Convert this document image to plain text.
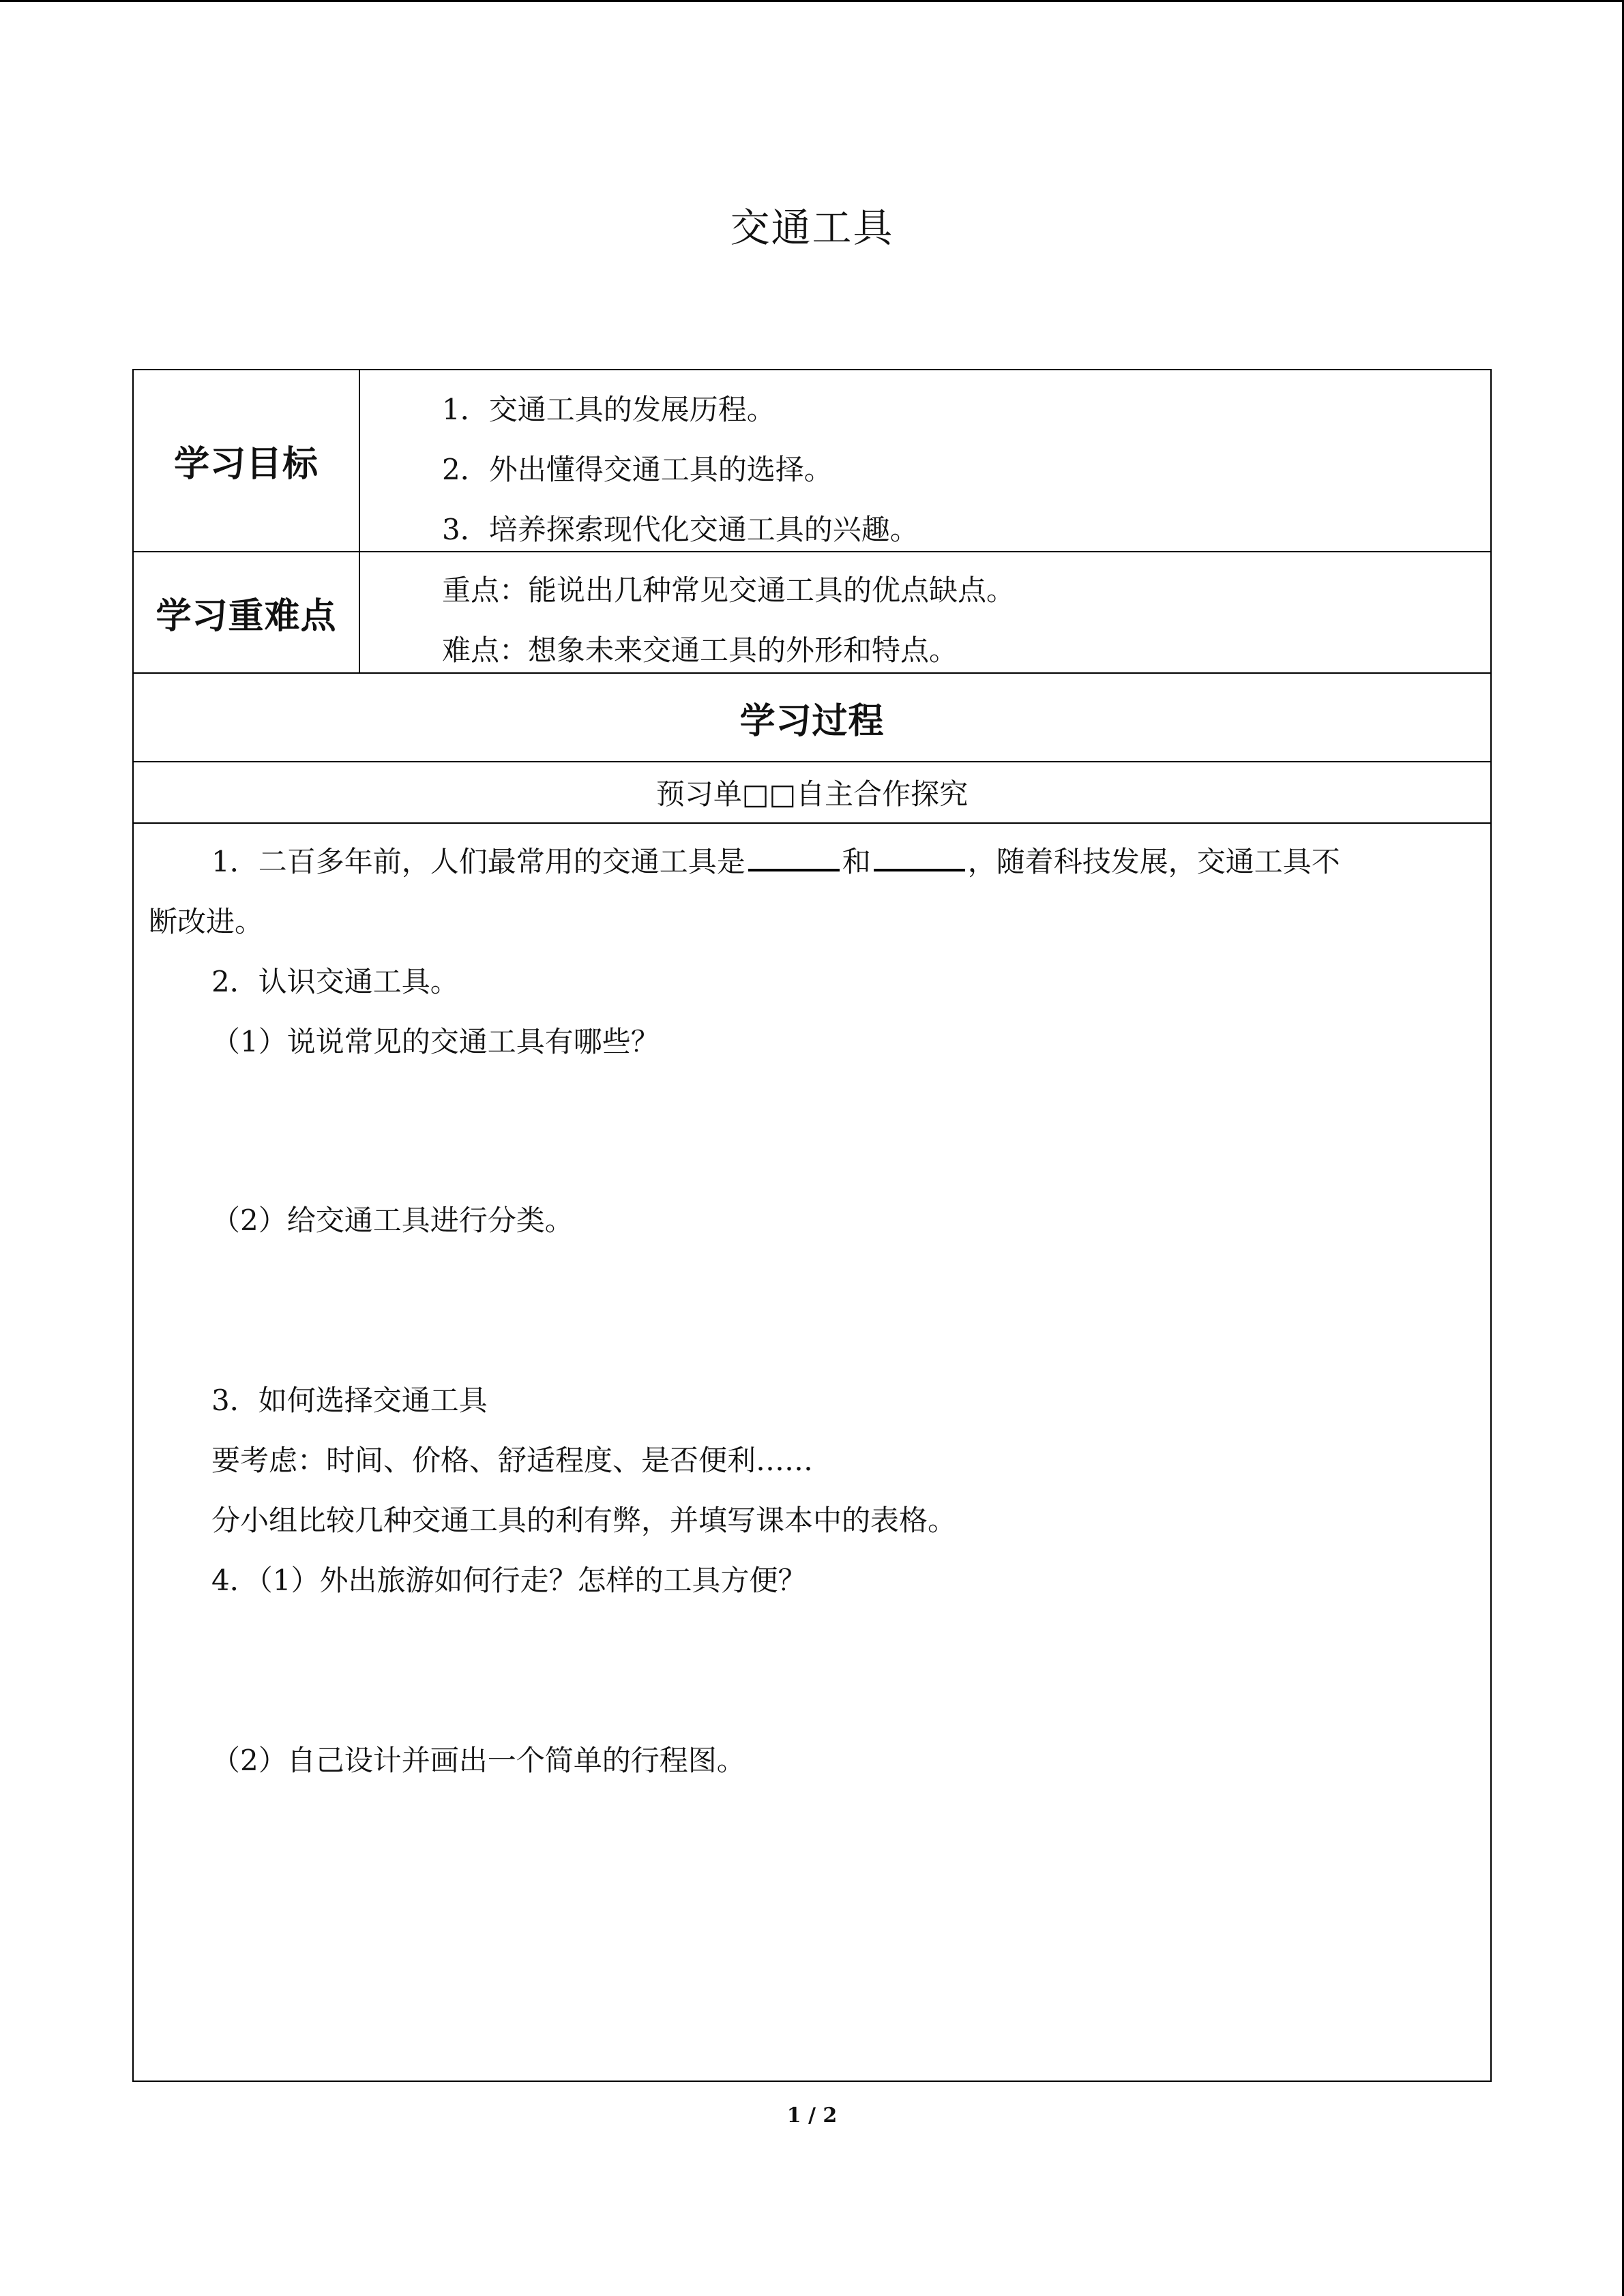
交通工具
学习目标
1．交通工具的发展历程。
2．外出懂得交通工具的选择。
3．培养探索现代化交通工具的兴趣。
学习重难点
重点：能说出几种常见交通工具的优点缺点。
难点：想象未来交通工具的外形和特点。
学习过程
预习单□□自主合作探究
1．二百多年前，人们最常用的交通工具是	和	，随着科技发展，交通工具不
断改进。
2．认识交通工具。
（1）说说常见的交通工具有哪些？
（2）给交通工具进行分类。
3．如何选择交通工具
要考虑：时间、价格、舒适程度、是否便利……
分小组比较几种交通工具的利有弊，并填写课本中的表格。
4．（1）外出旅游如何行走？怎样的工具方便？
（2）自己设计并画出一个简单的行程图。
1 / 2
